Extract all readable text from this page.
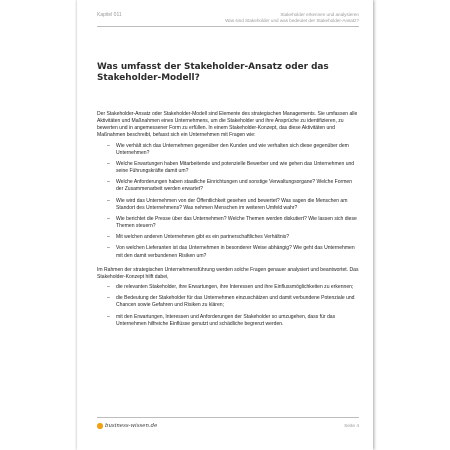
Kapitel 011	Stakeholder erkennen und analysieren
Was sind Stakeholder und was bedeutet der Stakeholder-Ansatz?
Was umfasst der Stakeholder-Ansatz oder das Stakeholder-Modell?

Der Stakeholder-Ansatz oder Stakeholder-Modell sind Elemente des strategischen Managements. Sie umfassen alle Aktivitäten und Maßnahmen eines Unternehmens, um die Stakeholder und ihre Ansprüche zu identifizieren, zu bewerten und in angemessener Form zu erfüllen. In einem Stakeholder-Konzept, das diese Aktivitäten und Maßnahmen beschreibt, befasst sich ein Unternehmen mit Fragen wie:

– Wie verhält sich das Unternehmen gegenüber den Kunden und wie verhalten sich diese gegenüber dem Unternehmen?
– Welche Erwartungen haben Mitarbeitende und potenzielle Bewerber und wie gehen das Unternehmen und seine Führungskräfte damit um?
– Welche Anforderungen haben staatliche Einrichtungen und sonstige Verwaltungsorgane? Welche Formen der Zusammenarbeit werden erwartet?
– Wie wird das Unternehmen von der Öffentlichkeit gesehen und bewertet? Was sagen die Menschen am Standort des Unternehmens? Was nehmen Menschen im weiteren Umfeld wahr?
– Wie berichtet die Presse über das Unternehmen? Welche Themen werden diskutiert? Wie lassen sich diese Themen steuern?
– Mit welchen anderen Unternehmen gibt es ein partnerschaftliches Verhältnis?
– Von welchen Lieferanten ist das Unternehmen in besonderer Weise abhängig? Wie geht das Unternehmen mit den damit verbundenen Risiken um?

Im Rahmen der strategischen Unternehmensführung werden solche Fragen genauer analysiert und beantwortet. Das Stakeholder-Konzept hilft dabei,

– die relevanten Stakeholder, ihre Erwartungen, ihre Interessen und ihre Einflussmöglichkeiten zu erkennen;
– die Bedeutung der Stakeholder für das Unternehmen einzuschätzen und damit verbundene Potenziale und Chancen sowie Gefahren und Risiken zu klären;
– mit den Erwartungen, Interessen und Anforderungen der Stakeholder so umzugehen, dass für das Unternehmen hilfreiche Einflüsse genutzt und schädliche begrenzt werden.
business-wissen.de	Seite 4
